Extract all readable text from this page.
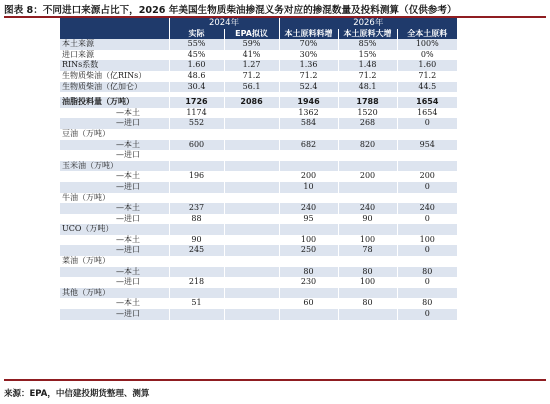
图表 8：不同进口来源占比下，2026 年美国生物质柴油掺混义务对应的掺混数量及投料测算（仅供参考）
	2024年		2026年		
	实际	EPA拟议	本土原料料增	本土原料大增	全本土原料
本土来源	55%	59%	70%	85%	100%
进口来源	45%	41%	30%	15%	0%
RINs系数	1.60	1.27	1.36	1.48	1.60
生物质柴油（亿RINs）	48.6	71.2	71.2	71.2	71.2
生物质柴油（亿加仑）	30.4	56.1	52.4	48.1	44.5

油脂投料量（万吨）	1726	2086	1946	1788	1654
—本土	1174		1362	1520	1654
—进口	552		584	268	0
豆油（万吨）					
—本土	600		682	820	954
—进口					
玉米油（万吨）					
—本土	196		200	200	200
—进口			10		0
牛油（万吨）					
—本土	237		240	240	240
—进口	88		95	90	0
UCO（万吨）					
—本土	90		100	100	100
—进口	245		250	78	0
菜油（万吨）					
—本土			80	80	80
—进口	218		230	100	0
其他（万吨）					
—本土	51		60	80	80
—进口					0
来源：EPA，中信建投期货整理、测算
